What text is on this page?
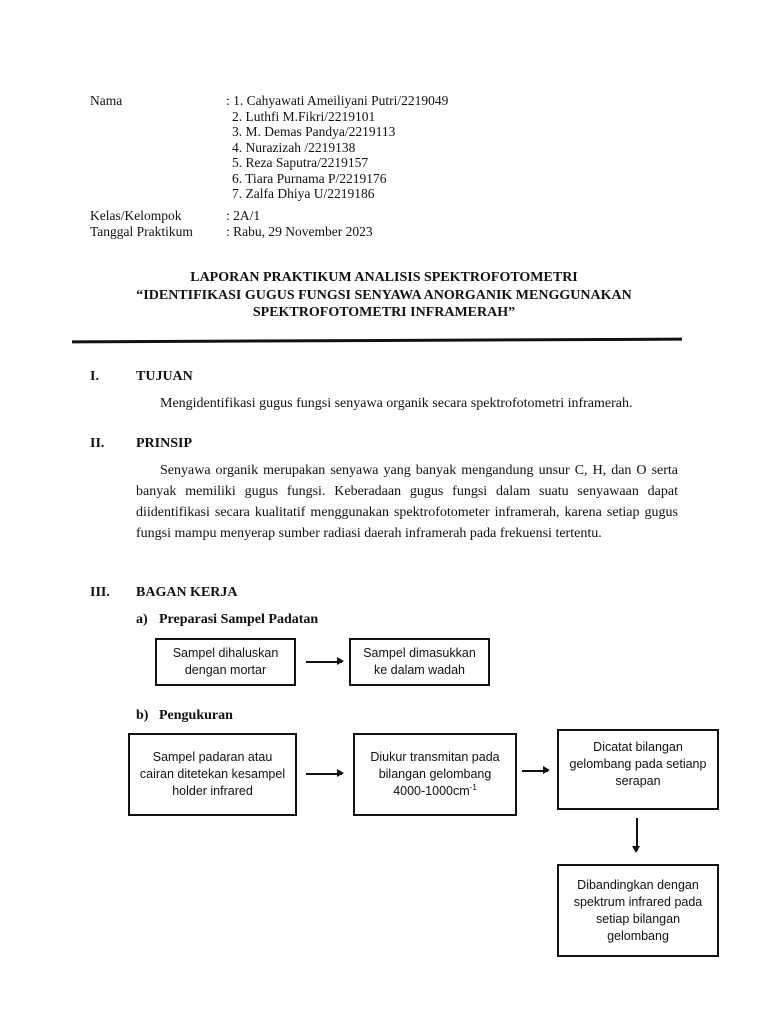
Nama	: 1. Cahyawati Ameiliyani Putri/2219049
2. Luthfi M.Fikri/2219101
3. M. Demas Pandya/2219113
4. Nurazizah /2219138
5. Reza Saputra/2219157
6. Tiara Purnama P/2219176
7. Zalfa Dhiya U/2219186
Kelas/Kelompok	: 2A/1
Tanggal Praktikum : Rabu, 29 November 2023
LAPORAN PRAKTIKUM ANALISIS SPEKTROFOTOMETRI
“IDENTIFIKASI GUGUS FUNGSI SENYAWA ANORGANIK MENGGUNAKAN
SPEKTROFOTOMETRI INFRAMERAH”
I.	TUJUAN
Mengidentifikasi gugus fungsi senyawa organik secara spektrofotometri inframerah.
II. PRINSIP
Senyawa organik merupakan senyawa yang banyak mengandung unsur C, H, dan O serta banyak memiliki gugus fungsi. Keberadaan gugus fungsi dalam suatu senyawaan dapat diidentifikasi secara kualitatif menggunakan spektrofotometer inframerah, karena setiap gugus fungsi mampu menyerap sumber radiasi daerah inframerah pada frekuensi tertentu.
III. BAGAN KERJA
a) Preparasi Sampel Padatan
Sampel dihaluskan dengan mortar
Sampel dimasukkan ke dalam wadah
b) Pengukuran
Sampel padaran atau cairan ditetekan kesampel holder infrared
Diukur transmitan pada bilangan gelombang $4000-1000cm^{-1}$
Dicatat bilangan gelombang pada setianp serapan
Dibandingkan dengan spektrum infrared pada setiap bilangan gelombang
